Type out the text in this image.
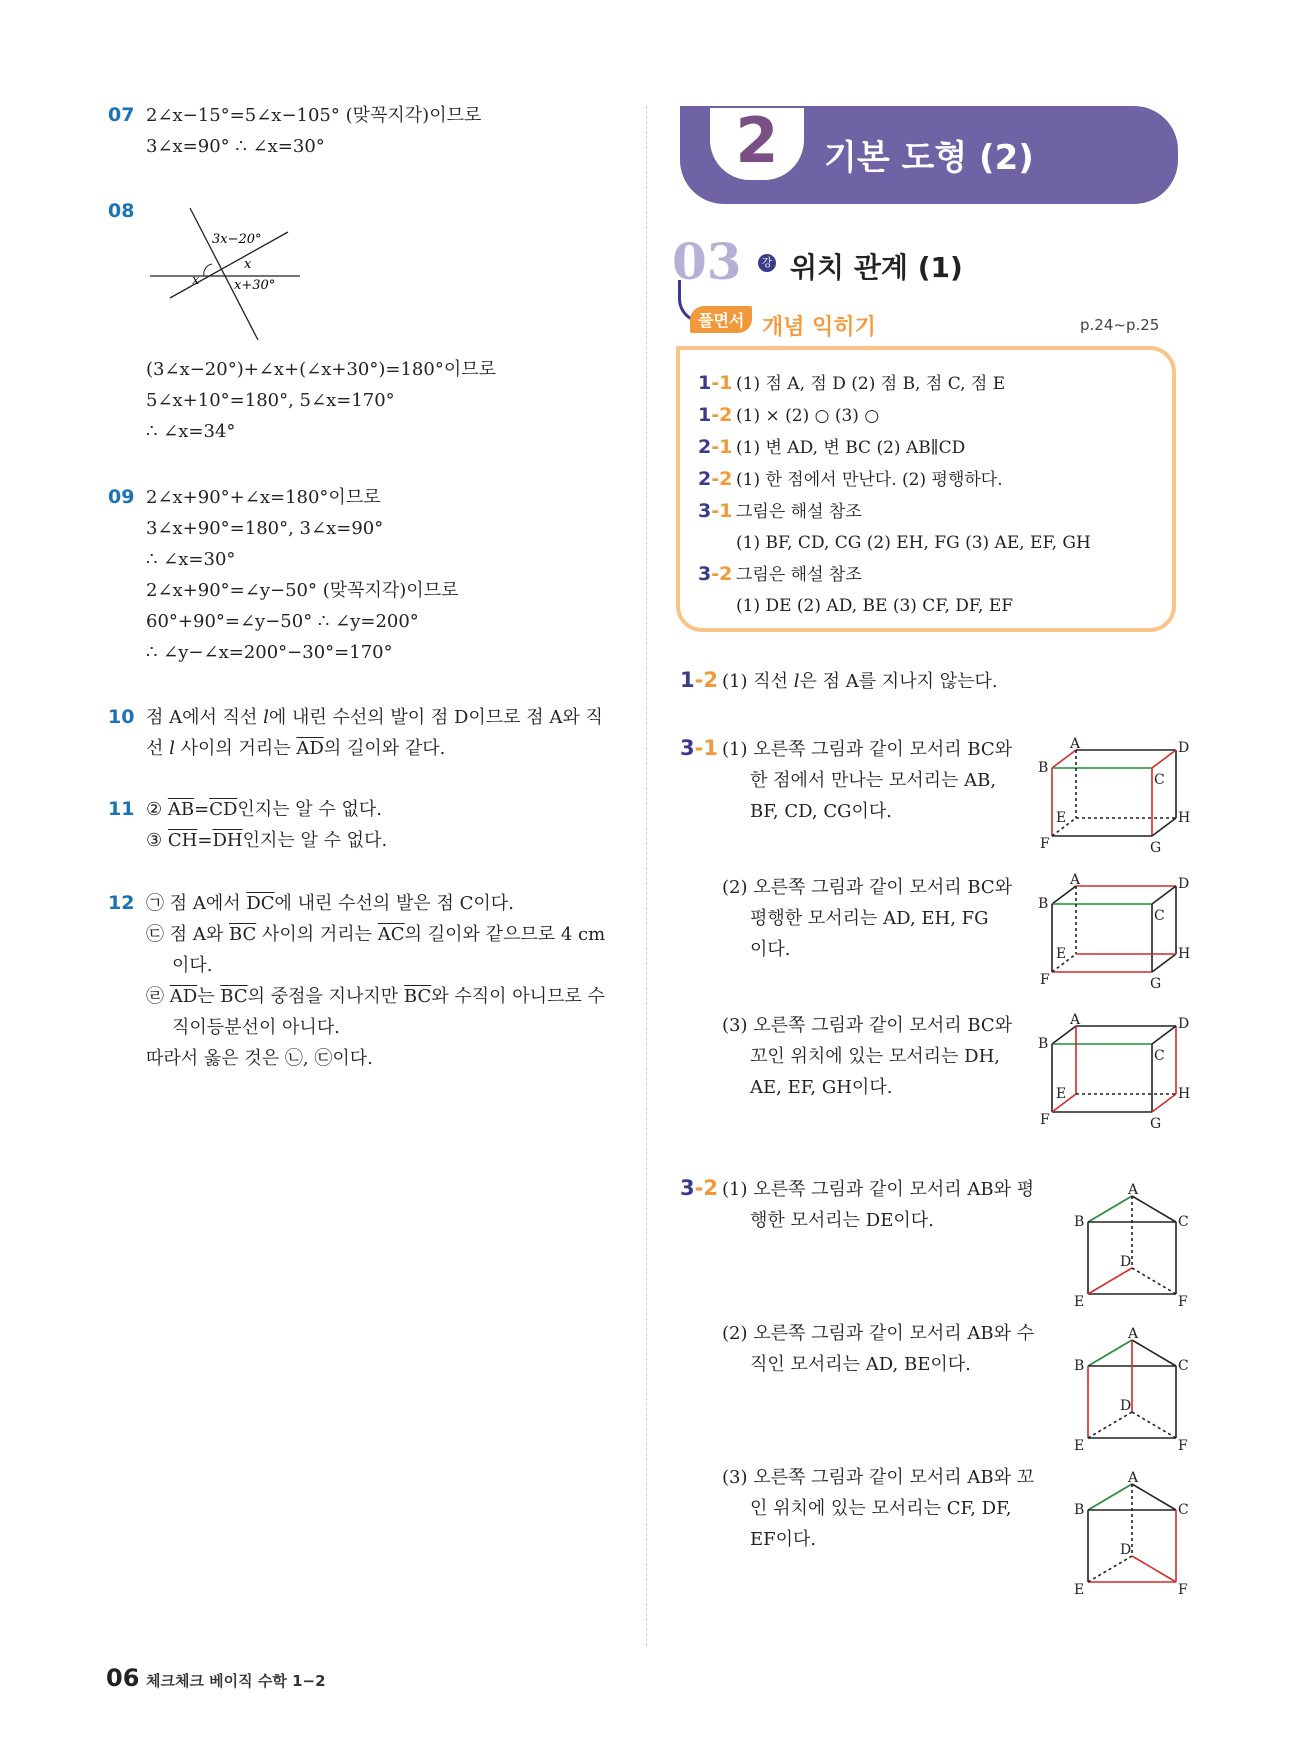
07 2∠x−15°=5∠x−105° (맞꼭지각)이므로
3∠x=90° ∴ ∠x=30°
08
3x−20°
x
x	x+30°
(3∠x−20°)+∠x+(∠x+30°)=180°이므로
5∠x+10°=180°, 5∠x=170°
∴ ∠x=34°
09 2∠x+90°+∠x=180°이므로
3∠x+90°=180°, 3∠x=90°
∴ ∠x=30°
2∠x+90°=∠y−50° (맞꼭지각)이므로
60°+90°=∠y−50° ∴ ∠y=200°
∴ ∠y−∠x=200°−30°=170°
10 점 A에서 직선 l에 내린 수선의 발이 점 D이므로 점 A와 직
선 l 사이의 거리는 $\overline{AD}$의 길이와 같다.
11 ② $\overline{AB}=\overline{CD}$인지는 알 수 없다.
③ $\overline{CH}=\overline{DH}$인지는 알 수 없다.
12 ㉠ 점 A에서 $\overline{DC}$에 내린 수선의 발은 점 C이다.
㉢ 점 A와 $\overline{BC}$ 사이의 거리는 $\overline{AC}$의 길이와 같으므로 4 cm
이다.
㉣ $\overline{AD}$는 $\overline{BC}$의 중점을 지나지만 $\overline{BC}$와 수직이 아니므로 수
직이등분선이 아니다.
따라서 옳은 것은 ㉡, ㉢이다.
2	기본 도형 (2)
03	강 위치 관계 (1)
풀면서 개념 익히기	p.24~p.25
1-1 (1) 점 A, 점 D (2) 점 B, 점 C, 점 E
1-2 (1) × (2) ○ (3) ○
2-1 (1) 변 AD, 변 BC (2) AB∥CD
2-2 (1) 한 점에서 만난다. (2) 평행하다.
3-1 그림은 해설 참조
(1) BF, CD, CG (2) EH, FG (3) AE, EF, GH
3-2 그림은 해설 참조
(1) DE (2) AD, BE (3) CF, DF, EF
1-2 (1) 직선 l은 점 A를 지나지 않는다.
3-1 (1) 오른쪽 그림과 같이 모서리 BC와
한 점에서 만나는 모서리는 AB,
BF, CD, CG이다.
(2) 오른쪽 그림과 같이 모서리 BC와
평행한 모서리는 AD, EH, FG
이다.
(3) 오른쪽 그림과 같이 모서리 BC와
꼬인 위치에 있는 모서리는 DH,
AE, EF, GH이다.
A
B
C
D
E
F	G
H
A
B
C
D
E
F	G
H
A
B
C
D
E
F	G
H
3-2 (1) 오른쪽 그림과 같이 모서리 AB와 평
행한 모서리는 DE이다.
(2) 오른쪽 그림과 같이 모서리 AB와 수
직인 모서리는 AD, BE이다.
(3) 오른쪽 그림과 같이 모서리 AB와 꼬
인 위치에 있는 모서리는 CF, DF,
EF이다.
A
B	C
D
E	F
A
B	C
D
E	F
A
B	C
D
E	F
06 체크체크 베이직 수학 1−2
